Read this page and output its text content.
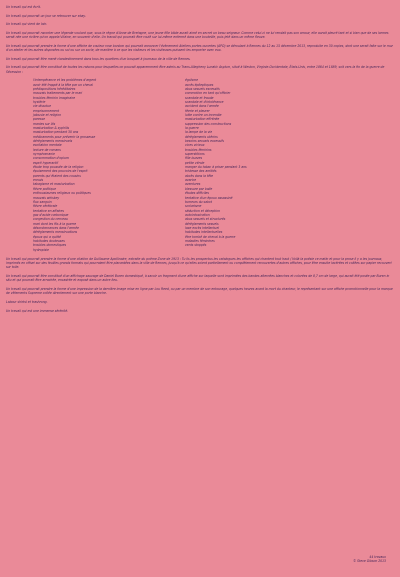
Un travail qui est écrit.

Un travail qui pourrait un jour se retrouver sur ebay.

Un travail qui vient de loin.

Un travail qui pourrait raconter une légende voulant que, sous le règne d'Anne de Bretagne, une jeune fille bâde aurait aimé en secret un beau seigneur. Comme celui-ci ne lui rendait pas son amour, elle aurait pleuré tant et si bien que de ses larmes serait née une rivière qu'on appela Vilaine, en souvenir d'elle. Un travail qui pourrait être roulé sur lui-même enfermé dans une bouteille, puis jeté dans un même fleuve.

Un travail qui pourrait prendre la forme d'une affiche de couleur rose bonbon qui pourrait annoncer l'évènement Ateliers portes ouvertes (APO) se déroulant à Rennes du 12 au 15 décembre 2013, reproduite en 30 copies, dont une serait faite sur le mur d'un atelier et les autres disposées ou sol ou sur un socle, de manière à ce que les visiteurs et les visiteuses puissent les emporter avec eux.

Un travail qui pourrait être mené clandestinement dans tous les quartiers d'un bosquet à journaux de la ville de Rennes.

Un travail qui pourrait être constitué de toutes les raisons pour lesquelles on pouvait apparemment être admis au Trans-Allegheny Lunatic Asylum, situé à Weston, Virginie-Occidentale, États-Unis, entre 1864 et 1889, soit vers la fin de la guerre de Sécession :

l'intempérance et les problèmes d'argent
avoir été frappé à la tête par un cheval
prédispositions héréditaires
mauvais traitements par le mari
troubles féminin imaginaire
hystérie
vie dissolue
emprisonnement
jalousie et religion
paresse
manies sur lits
masturbation & syphilis
masturbation pendant 30 ans
médicaments pour prévenir la grossesse
dérèglements menstruels
excitation mentale
lecture de romans
nymphomanie
consommation d'opium
esprit hyperactif
étude trop poussée de la religion
épuisement des pouvoirs de l'esprit
parents qui étaient des cousins
ennuis
tabagisme et masturbation
fièvre politique
enthousiasmes religieux ou politiques
mauvais whiskey
flux sanguin
fièvre cérébrale
tentative en affaires
gaz d'acide carbonique
congestion du cerveau
mari dont les fils à la guerre
désordonnances dans l'armée
dérèglements menstruations
époux qui a quitté
habitudes douteuses
troubles domestiques
hydropisie
égoïsme
accès épileptiques
abus sexuels excessifs
commotion en tant qu'officier
scandale et fraude
scandale et d'intolérance
accident dans l'armée
féerie et pleurer
lutte contre un incendie
masturbation effrénée
suppression des constructions
la guerre
la lampe de la vie
dérèglements utérins
besoins sexuels excessifs
vices vicieux
troubles féminins
superstitions
fille buzzes
petite vérole
manger du tabac à priser pendant 3 ans
tristesse des amitiés
abcès dans la tête
avarice
aventures
blessure par balle
études difficiles
tentative d'un époux assassiné
tumeurs du sabot
scolarisme
séduction et déception
autointoxication
abus sexuels et structurés
dérèglements sexuels
laxe excès intellectuel
habitudes intellectuelles
être tombé de cheval à la guerre
maladies féminines
vents stoppés

Un travail qui pourrait prendre la forme d'une citation de Guillaume Apollinaire, extraite du poème Zone de 1913 : Tu lis les prospectus les catalogues les affiches qui chantent tout haut / Voilà la poésie ce matin et pour la prose il y a les journaux, imprimés en offset sur des feuilles grands formats qui pourraient être placardées dans la ville de Rennes, jusqu'à ce qu'elles soient partiellement ou complètement recouvertes d'autres affiches, pour être ensuite lacérées et collées sur papier recouvert sur toile.

Un travail qui pourrait être constitué d'un affichage sauvage de Daniel Buren domestiqué, à savoir un fragment d'une affiche sur laquelle sont imprimées des bandes alternées blanches et colorées de 8,7 cm de large, qui aurait été posée par Buren in situ et qui pourrait être arrachée, encadrée et exposé dans un autre lieu.

Un travail qui pourrait prendre la forme d'une impression de la dernière image mise en ligne par Lou Reed, ou par un membre de son entourage, quelques heures avant la mort du chanteur, le représentant sur une affiche promotionnelle pour la marque de vêtements Supreme collée directement sur une porte blanche.

Labour shirtsl et trashrong.

Un travail qui est une immense sérénité.

44 travaux
© Steve Gibson 2013
